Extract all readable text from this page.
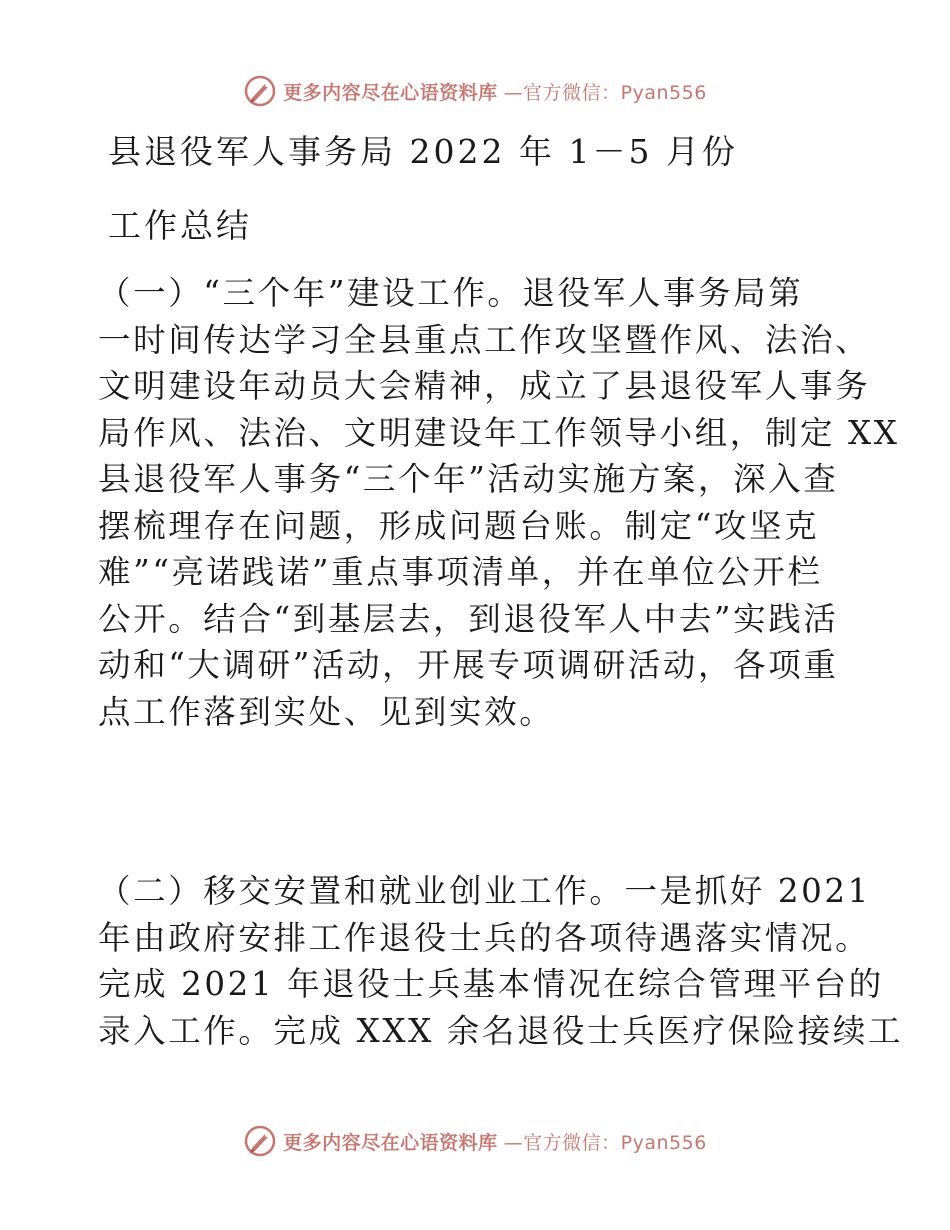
更多内容尽在心语资料库 —官方微信：Pyan556
县退役军人事务局 2022 年 1－5 月份
工作总结
（一）“三个年”建设工作。退役军人事务局第
一时间传达学习全县重点工作攻坚暨作风、法治、
文明建设年动员大会精神，成立了县退役军人事务
局作风、法治、文明建设年工作领导小组，制定 XX
县退役军人事务“三个年”活动实施方案，深入查
摆梳理存在问题，形成问题台账。制定“攻坚克
难”“亮诺践诺”重点事项清单，并在单位公开栏
公开。结合“到基层去，到退役军人中去”实践活
动和“大调研”活动，开展专项调研活动，各项重
点工作落到实处、见到实效。
（二）移交安置和就业创业工作。一是抓好 2021
年由政府安排工作退役士兵的各项待遇落实情况。
完成 2021 年退役士兵基本情况在综合管理平台的
录入工作。完成 XXX 余名退役士兵医疗保险接续工
更多内容尽在心语资料库 —官方微信：Pyan556
